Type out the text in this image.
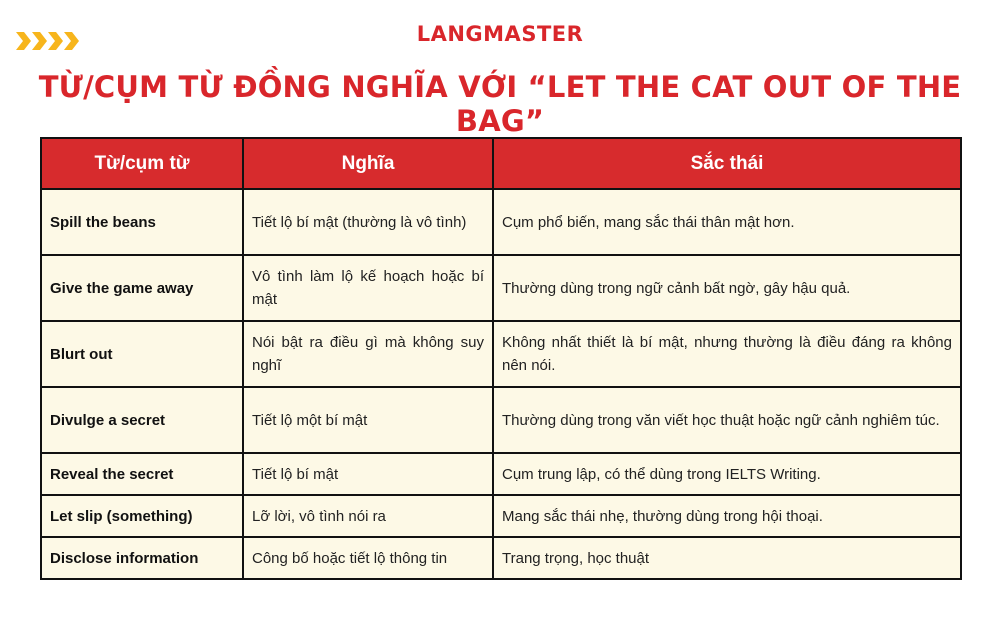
LANGMASTER
TỪ/CỤM TỪ ĐỒNG NGHĨA VỚI “LET THE CAT OUT OF THE BAG”
Từ/cụm từ	Nghĩa	Sắc thái
Spill the beans	Tiết lộ bí mật (thường là vô tình)	Cụm phổ biến, mang sắc thái thân mật hơn.
Give the game away	Vô tình làm lộ kế hoạch hoặc bí mật	Thường dùng trong ngữ cảnh bất ngờ, gây hậu quả.
Blurt out	Nói bật ra điều gì mà không suy nghĩ	Không nhất thiết là bí mật, nhưng thường là điều đáng ra không nên nói.
Divulge a secret	Tiết lộ một bí mật	Thường dùng trong văn viết học thuật hoặc ngữ cảnh nghiêm túc.
Reveal the secret	Tiết lộ bí mật	Cụm trung lập, có thể dùng trong IELTS Writing.
Let slip (something)	Lỡ lời, vô tình nói ra	Mang sắc thái nhẹ, thường dùng trong hội thoại.
Disclose information	Công bố hoặc tiết lộ thông tin	Trang trọng, học thuật
